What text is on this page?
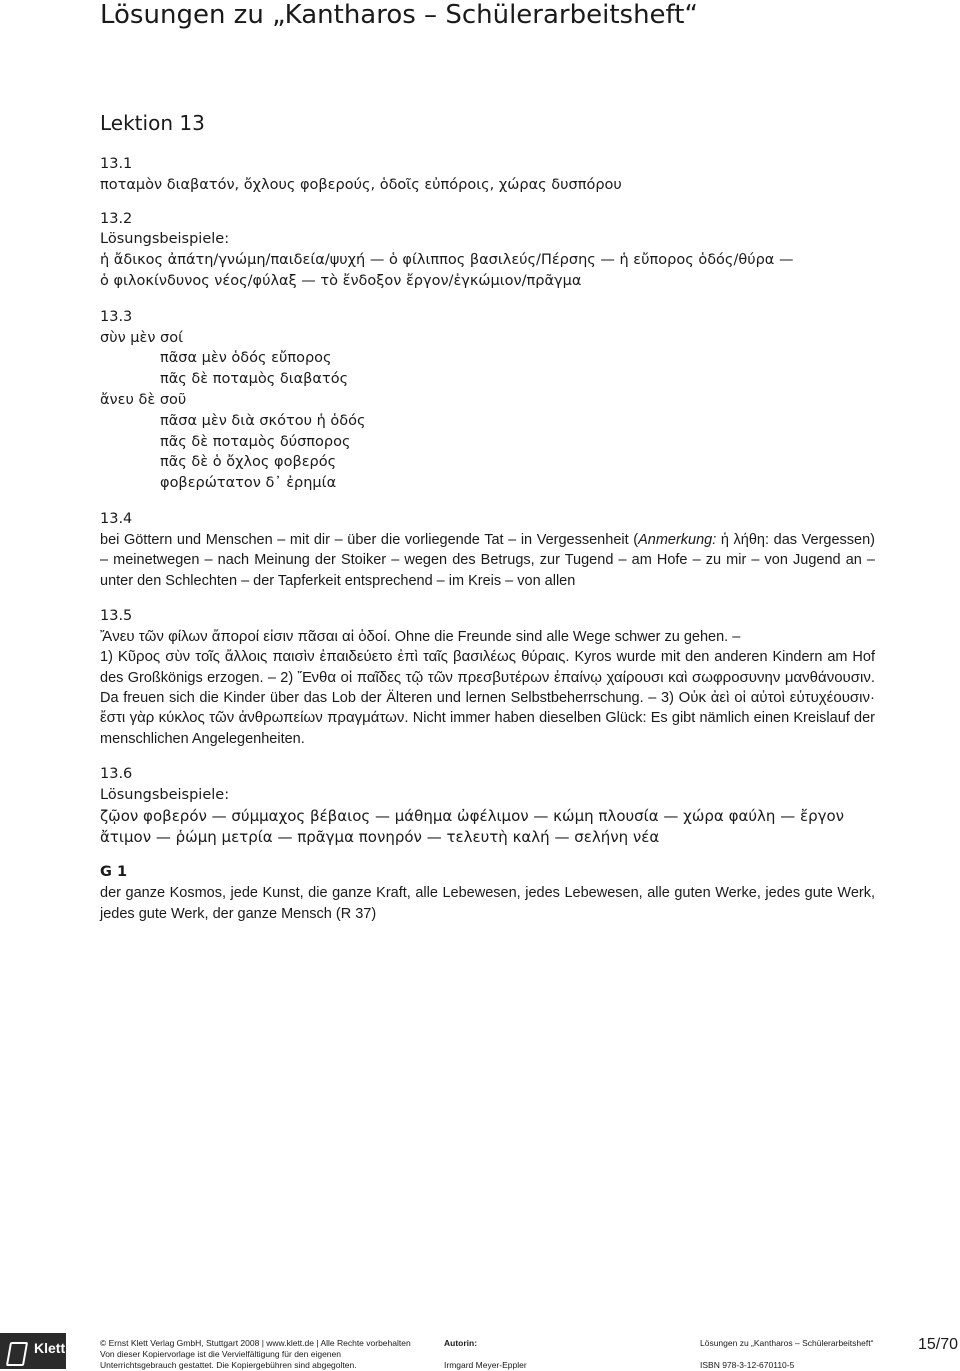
Lösungen zu „Kantharos – Schülerarbeitsheft“
Lektion 13
13.1
ποταμὸν διαβατόν, ὄχλους φοβερούς, ὁδοῖς εὐπόροις, χώρας δυσπόρου
13.2
Lösungsbeispiele:
ἡ ἄδικος ἀπάτη/γνώμη/παιδεία/ψυχή — ὁ φίλιππος βασιλεύς/Πέρσης — ἡ εὔπορος ὁδός/θύρα —
ὁ φιλοκίνδυνος νέος/φύλαξ — τὸ ἔνδοξον ἔργον/ἐγκώμιον/πρᾶγμα
13.3
σὺν μὲν σοί
πᾶσα μὲν ὁδός εὔπορος
πᾶς δὲ ποταμὸς διαβατός
ἄνευ δὲ σοῦ
πᾶσα μὲν διὰ σκότου ἡ ὁδός
πᾶς δὲ ποταμὸς δύσπορος
πᾶς δὲ ὁ ὄχλος φοβερός
φοβερώτατον δ᾽ ἐρημία
13.4
bei Göttern und Menschen – mit dir – über die vorliegende Tat – in Vergessenheit (Anmerkung: ἡ λήθη: das Vergessen) – meinetwegen – nach Meinung der Stoiker – wegen des Betrugs, zur Tugend – am Hofe – zu mir – von Jugend an – unter den Schlechten – der Tapferkeit entsprechend – im Kreis – von allen
13.5
Ἄνευ τῶν φίλων ἄποροί εἰσιν πᾶσαι αἱ ὁδοί. Ohne die Freunde sind alle Wege schwer zu gehen. –
1) Κῦρος σὺν τοῖς ἄλλοις παισὶν ἐπαιδεύετο ἐπὶ ταῖς βασιλέως θύραις. Kyros wurde mit den anderen Kindern am Hof des Großkönigs erzogen. – 2) Ἔνθα οἱ παῖδες τῷ τῶν πρεσβυτέρων ἐπαίνῳ χαίρουσι καὶ σωφροσυνην μανθάνουσιν. Da freuen sich die Kinder über das Lob der Älteren und lernen Selbstbeherrschung. – 3) Οὐκ ἀεὶ οἱ αὐτοὶ εὐτυχέουσιν· ἔστι γὰρ κύκλος τῶν ἀνθρωπείων πραγμάτων. Nicht immer haben dieselben Glück: Es gibt nämlich einen Kreislauf der menschlichen Angelegenheiten.
13.6
Lösungsbeispiele:
ζῷον φοβερόν — σύμμαχος βέβαιος — μάθημα ὠφέλιμον — κώμη πλουσία — χώρα φαύλη — ἔργον
ἄτιμον — ῥώμη μετρία — πρᾶγμα πονηρόν — τελευτὴ καλή — σελήνη νέα
G 1
der ganze Kosmos, jede Kunst, die ganze Kraft, alle Lebewesen, jedes Lebewesen, alle guten Werke, jedes gute Werk, jedes gute Werk, der ganze Mensch (R 37)
Klett	© Ernst Klett Verlag GmbH, Stuttgart 2008 | www.klett.de | Alle Rechte vorbehalten
Von dieser Kopiervorlage ist die Vervielfältigung für den eigenen
Unterrichtsgebrauch gestattet. Die Kopiergebühren sind abgegolten.
Autorin:
Irmgard Meyer-Eppler
Lösungen zu „Kantharos – Schülerarbeitsheft“
ISBN 978-3-12-670110-5
15/70
